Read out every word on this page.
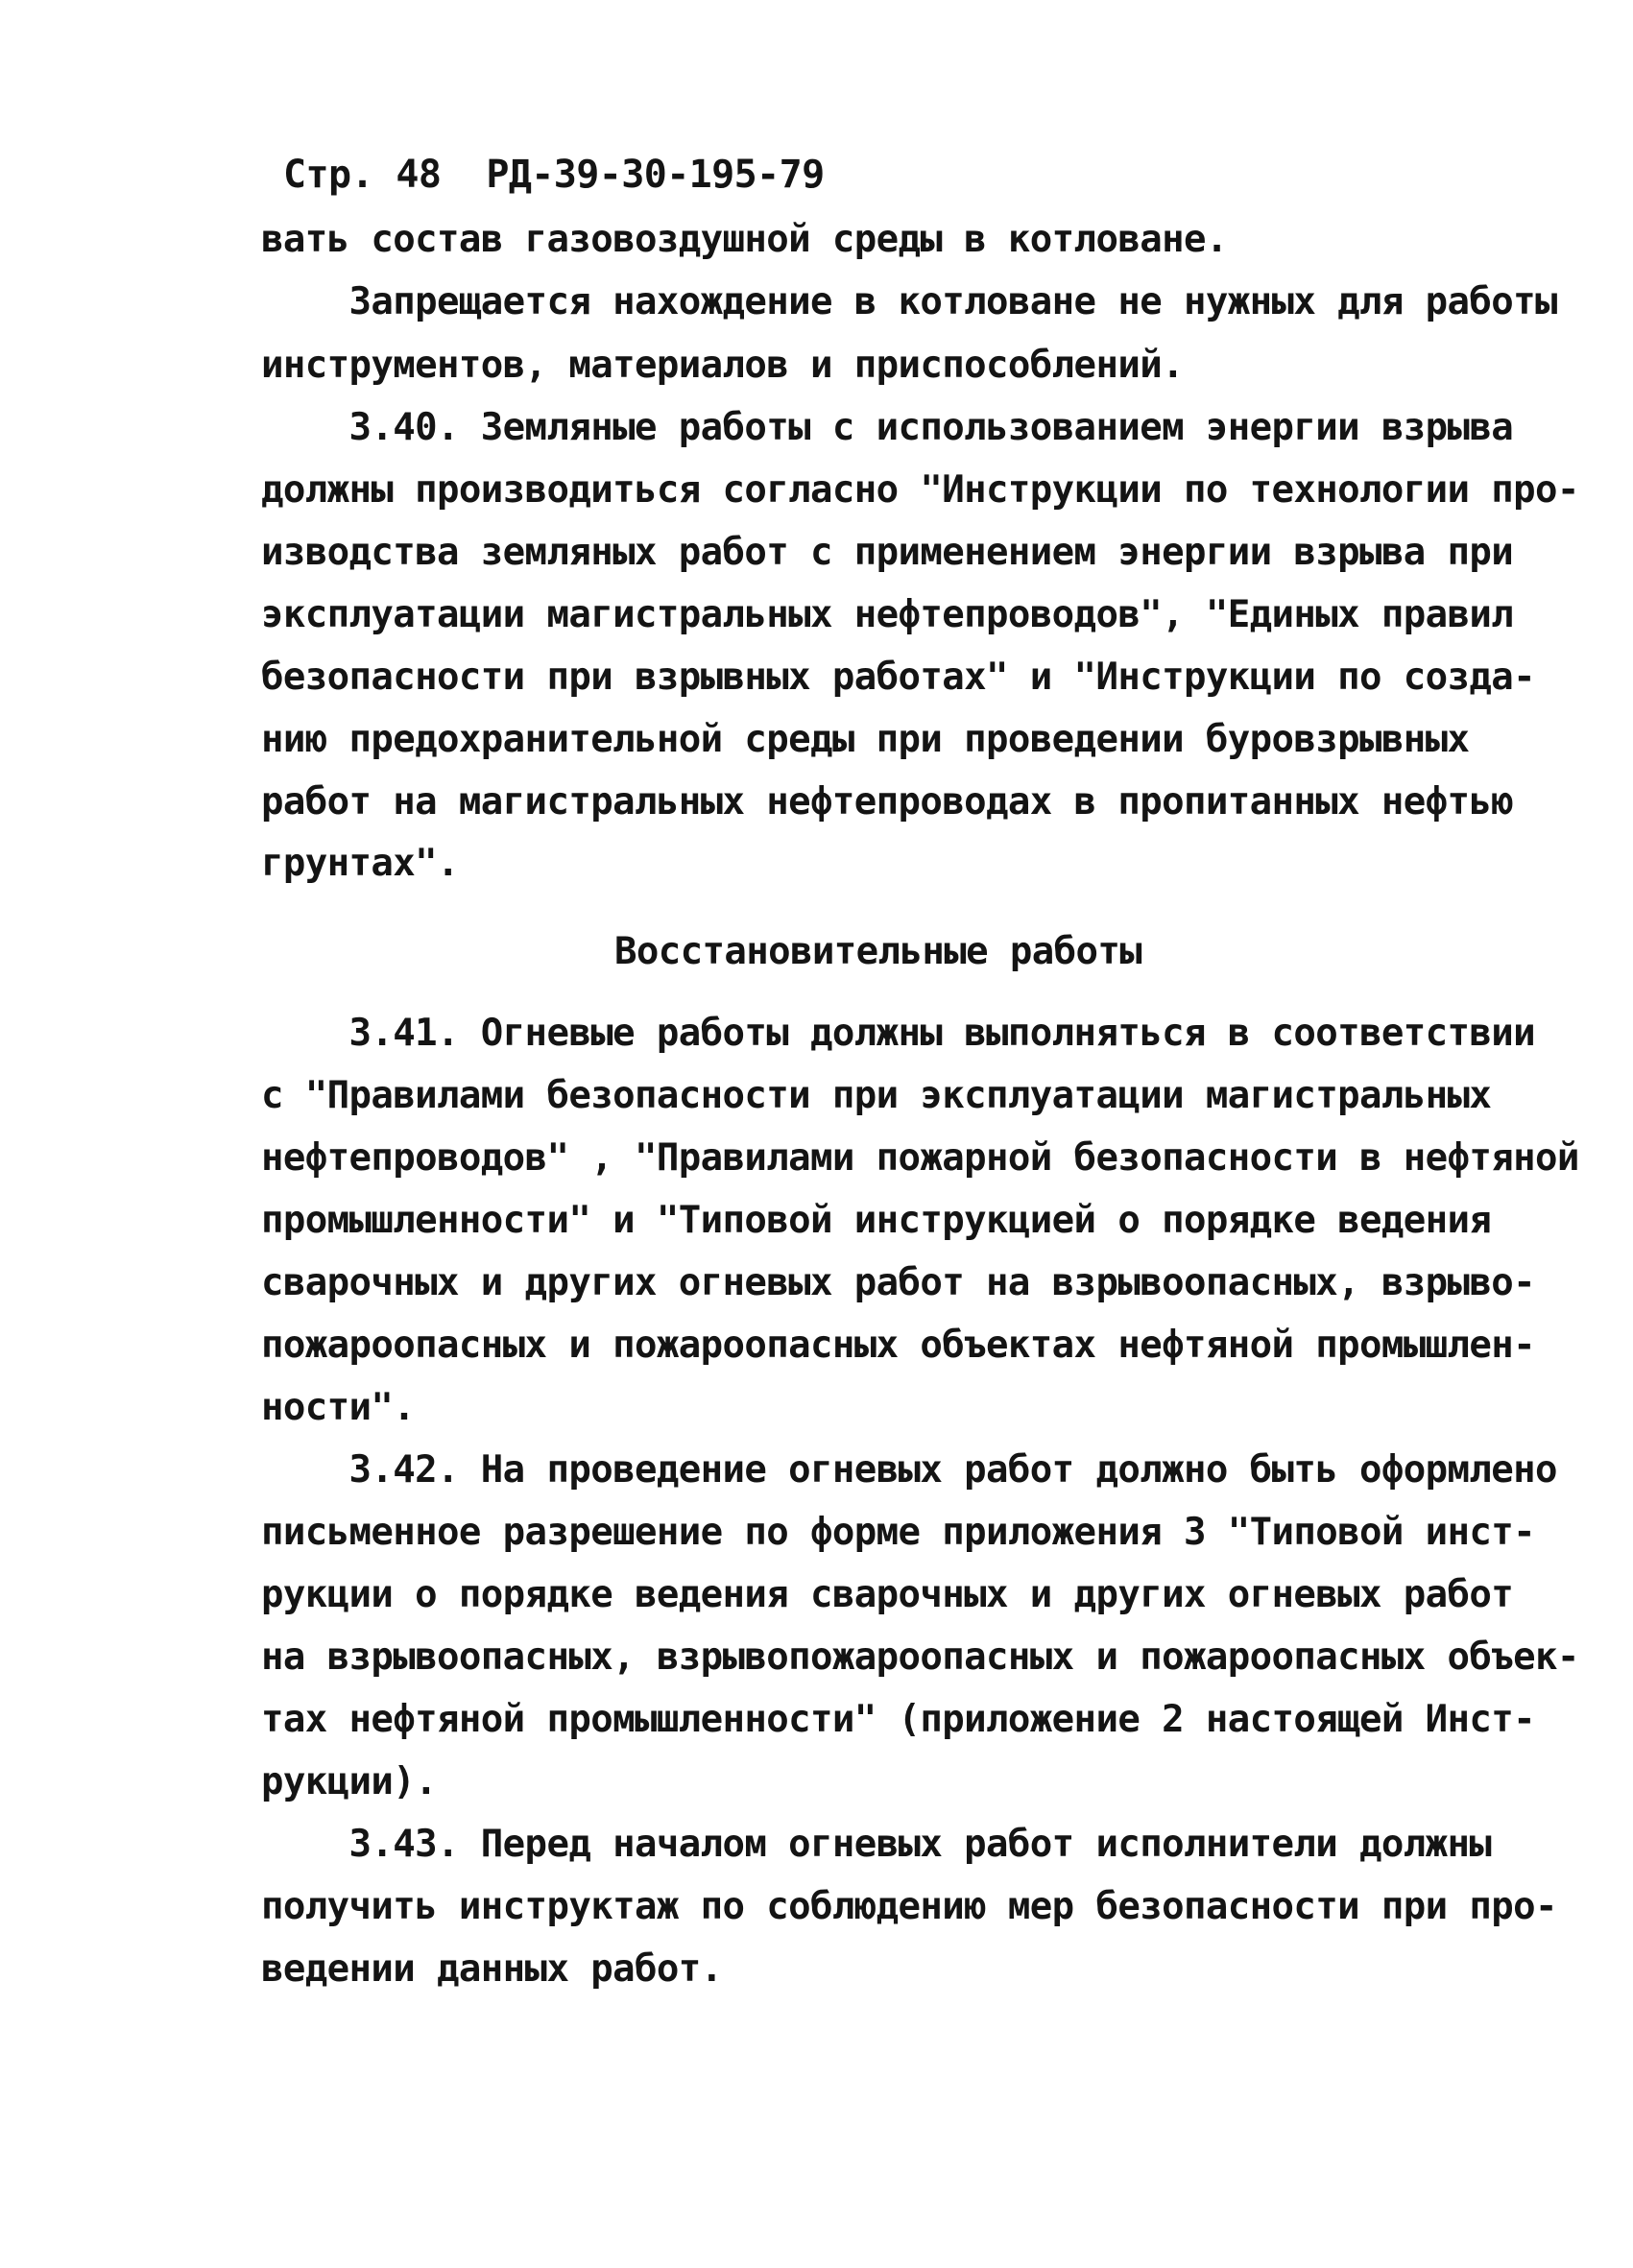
Стр. 48  РД-39-30-195-79
вать состав газовоздушной среды в котловане.
Запрещается нахождение в котловане не нужных для работы
инструментов, материалов и приспособлений.
3.40. Земляные работы с использованием энергии взрыва
должны производиться согласно "Инструкции по технологии про-
изводства земляных работ с применением энергии взрыва при
эксплуатации магистральных нефтепроводов", "Единых правил
безопасности при взрывных работах" и "Инструкции по созда-
нию предохранительной среды при проведении буровзрывных
работ на магистральных нефтепроводах в пропитанных нефтью
грунтах".
Восстановительные работы
3.41. Огневые работы должны выполняться в соответствии
с "Правилами безопасности при эксплуатации магистральных
нефтепроводов" , "Правилами пожарной безопасности в нефтяной
промышленности" и "Типовой инструкцией о порядке ведения
сварочных и других огневых работ на взрывоопасных, взрыво-
пожароопасных и пожароопасных объектах нефтяной промышлен-
ности".
3.42. На проведение огневых работ должно быть оформлено
письменное разрешение по форме приложения 3 "Типовой инст-
рукции о порядке ведения сварочных и других огневых работ
на взрывоопасных, взрывопожароопасных и пожароопасных объек-
тах нефтяной промышленности" (приложение 2 настоящей Инст-
рукции).
3.43. Перед началом огневых работ исполнители должны
получить инструктаж по соблюдению мер безопасности при про-
ведении данных работ.
